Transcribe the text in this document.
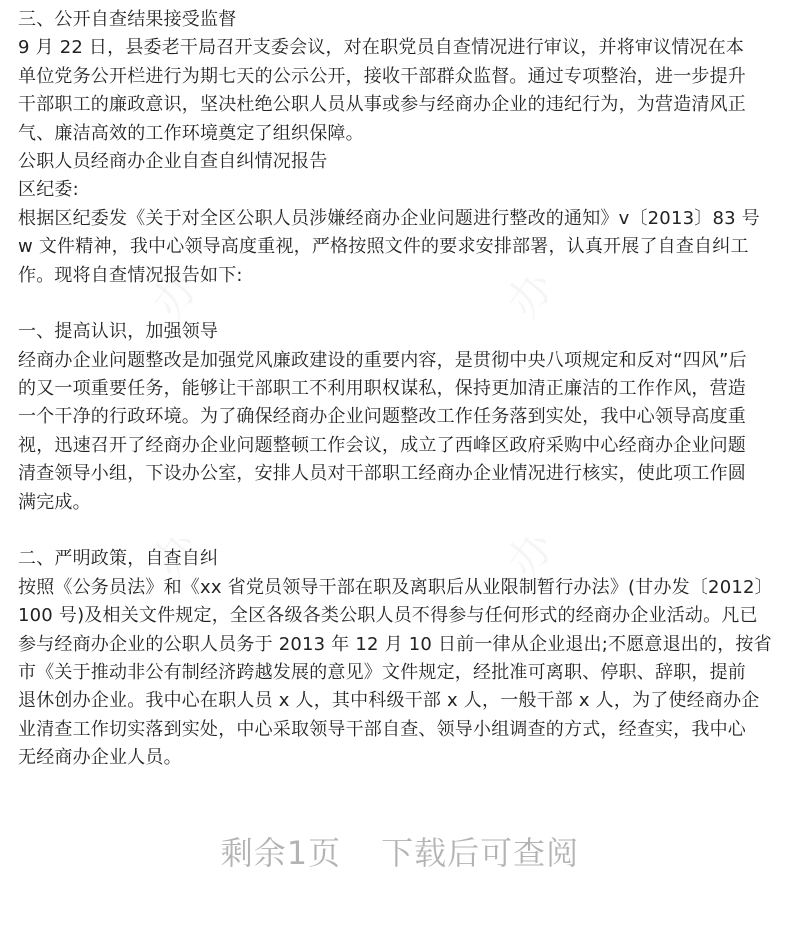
三、公开自查结果接受监督
9 月 22 日，县委老干局召开支委会议，对在职党员自查情况进行审议，并将审议情况在本
单位党务公开栏进行为期七天的公示公开，接收干部群众监督。通过专项整治，进一步提升
干部职工的廉政意识，坚决杜绝公职人员从事或参与经商办企业的违纪行为，为营造清风正
气、廉洁高效的工作环境奠定了组织保障。
公职人员经商办企业自查自纠情况报告
区纪委:
根据区纪委发《关于对全区公职人员涉嫌经商办企业问题进行整改的通知》v〔2013〕83 号
w 文件精神，我中心领导高度重视，严格按照文件的要求安排部署，认真开展了自查自纠工
作。现将自查情况报告如下:
一、提高认识，加强领导
经商办企业问题整改是加强党风廉政建设的重要内容，是贯彻中央八项规定和反对“四风”后
的又一项重要任务，能够让干部职工不利用职权谋私，保持更加清正廉洁的工作作风，营造
一个干净的行政环境。为了确保经商办企业问题整改工作任务落到实处，我中心领导高度重
视，迅速召开了经商办企业问题整顿工作会议，成立了西峰区政府采购中心经商办企业问题
清查领导小组，下设办公室，安排人员对干部职工经商办企业情况进行核实，使此项工作圆
满完成。
二、严明政策，自查自纠
按照《公务员法》和《xx 省党员领导干部在职及离职后从业限制暂行办法》(甘办发〔2012〕
100 号)及相关文件规定，全区各级各类公职人员不得参与任何形式的经商办企业活动。凡已
参与经商办企业的公职人员务于 2013 年 12 月 10 日前一律从企业退出;不愿意退出的，按省
市《关于推动非公有制经济跨越发展的意见》文件规定，经批准可离职、停职、辞职，提前
退休创办企业。我中心在职人员 x 人，其中科级干部 x 人，一般干部 x 人，为了使经商办企
业清查工作切实落到实处，中心采取领导干部自查、领导小组调查的方式，经查实，我中心
无经商办企业人员。
剩余1页 下载后可查阅
